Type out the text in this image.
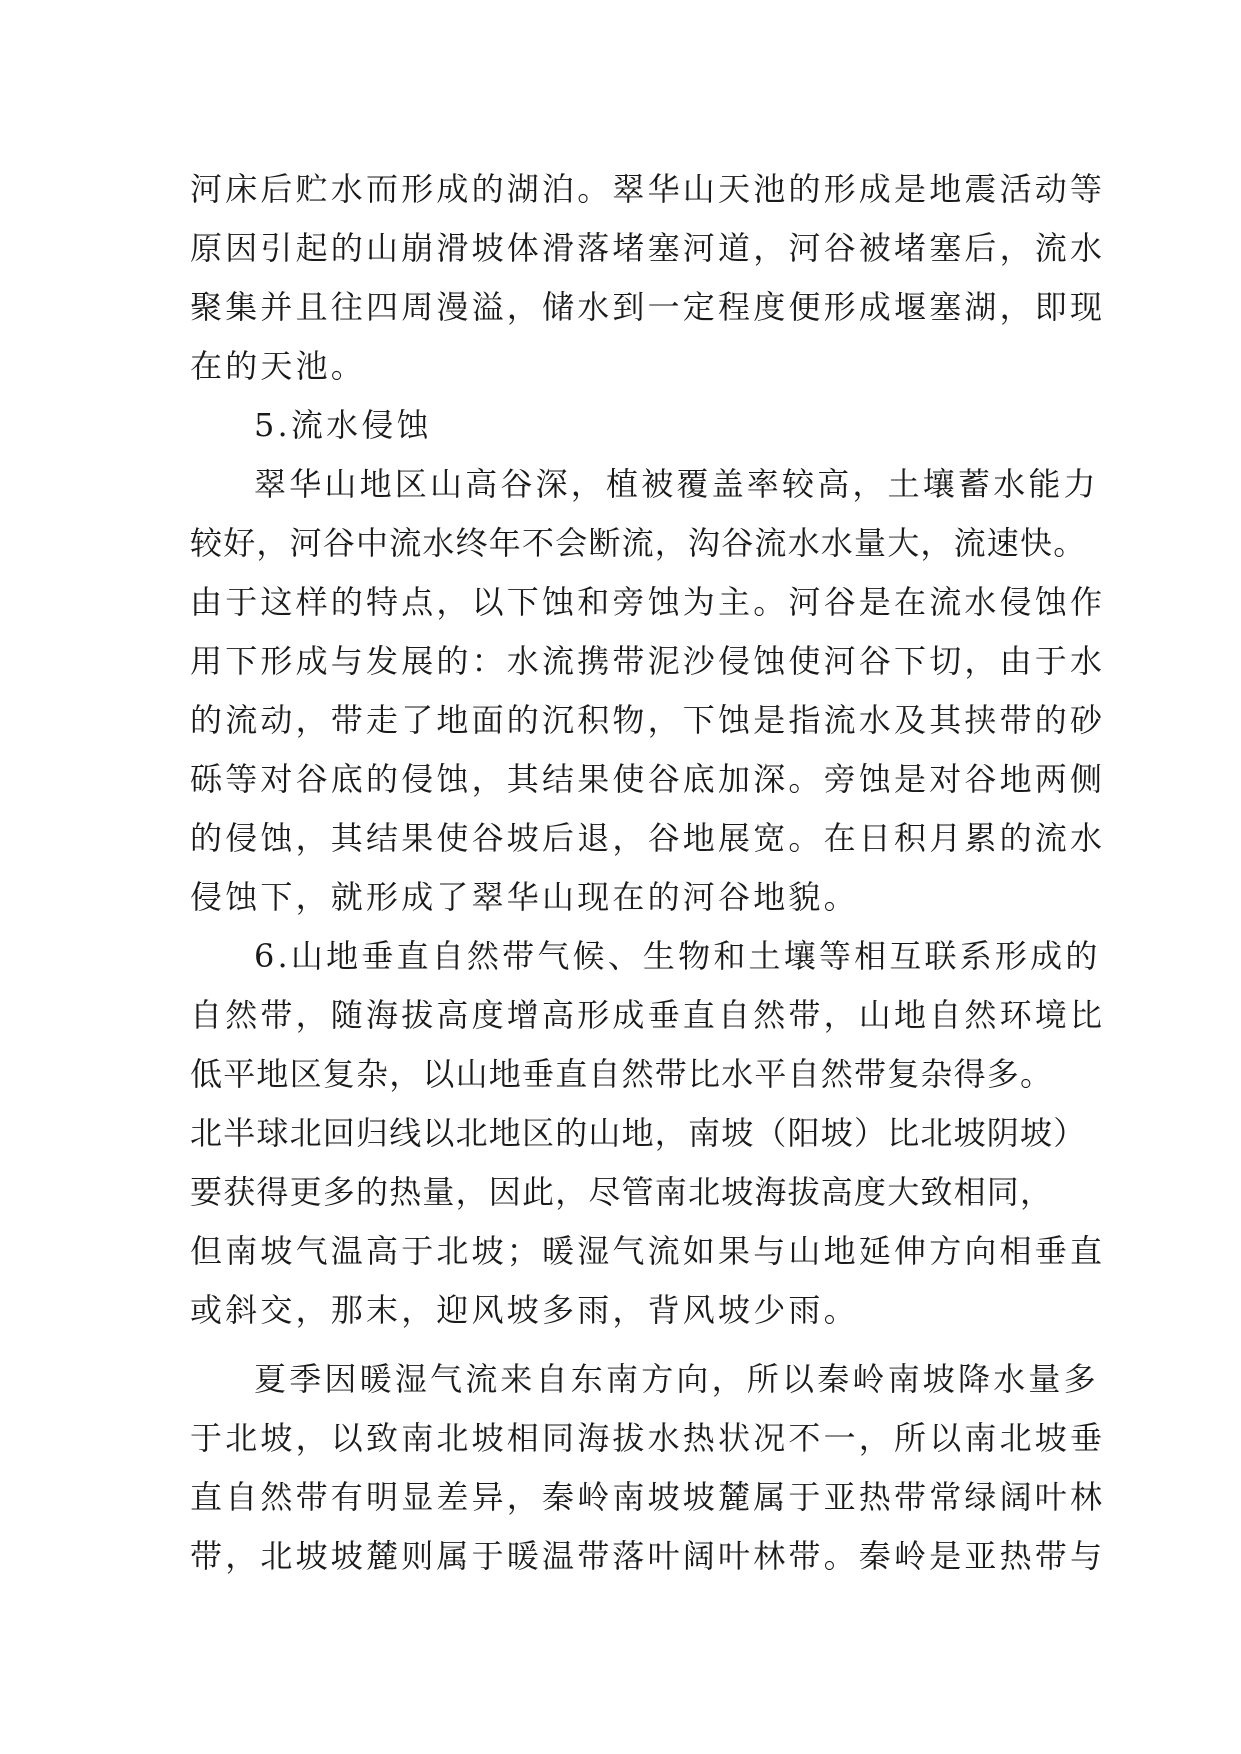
河床后贮水而形成的湖泊。翠华山天池的形成是地震活动等
原因引起的山崩滑坡体滑落堵塞河道，河谷被堵塞后，流水
聚集并且往四周漫溢，储水到一定程度便形成堰塞湖，即现
在的天池。
5.流水侵蚀
翠华山地区山高谷深，植被覆盖率较高，土壤蓄水能力
较好，河谷中流水终年不会断流，沟谷流水水量大，流速快。
由于这样的特点，以下蚀和旁蚀为主。河谷是在流水侵蚀作
用下形成与发展的：水流携带泥沙侵蚀使河谷下切，由于水
的流动，带走了地面的沉积物，下蚀是指流水及其挟带的砂
砾等对谷底的侵蚀，其结果使谷底加深。旁蚀是对谷地两侧
的侵蚀，其结果使谷坡后退，谷地展宽。在日积月累的流水
侵蚀下，就形成了翠华山现在的河谷地貌。
6.山地垂直自然带气候、生物和土壤等相互联系形成的
自然带，随海拔高度增高形成垂直自然带，山地自然环境比
低平地区复杂，以山地垂直自然带比水平自然带复杂得多。
北半球北回归线以北地区的山地，南坡（阳坡）比北坡阴坡）
要获得更多的热量，因此，尽管南北坡海拔高度大致相同，
但南坡气温高于北坡；暖湿气流如果与山地延伸方向相垂直
或斜交，那末，迎风坡多雨，背风坡少雨。
夏季因暖湿气流来自东南方向，所以秦岭南坡降水量多
于北坡，以致南北坡相同海拔水热状况不一，所以南北坡垂
直自然带有明显差异，秦岭南坡坡麓属于亚热带常绿阔叶林
带，北坡坡麓则属于暖温带落叶阔叶林带。秦岭是亚热带与
